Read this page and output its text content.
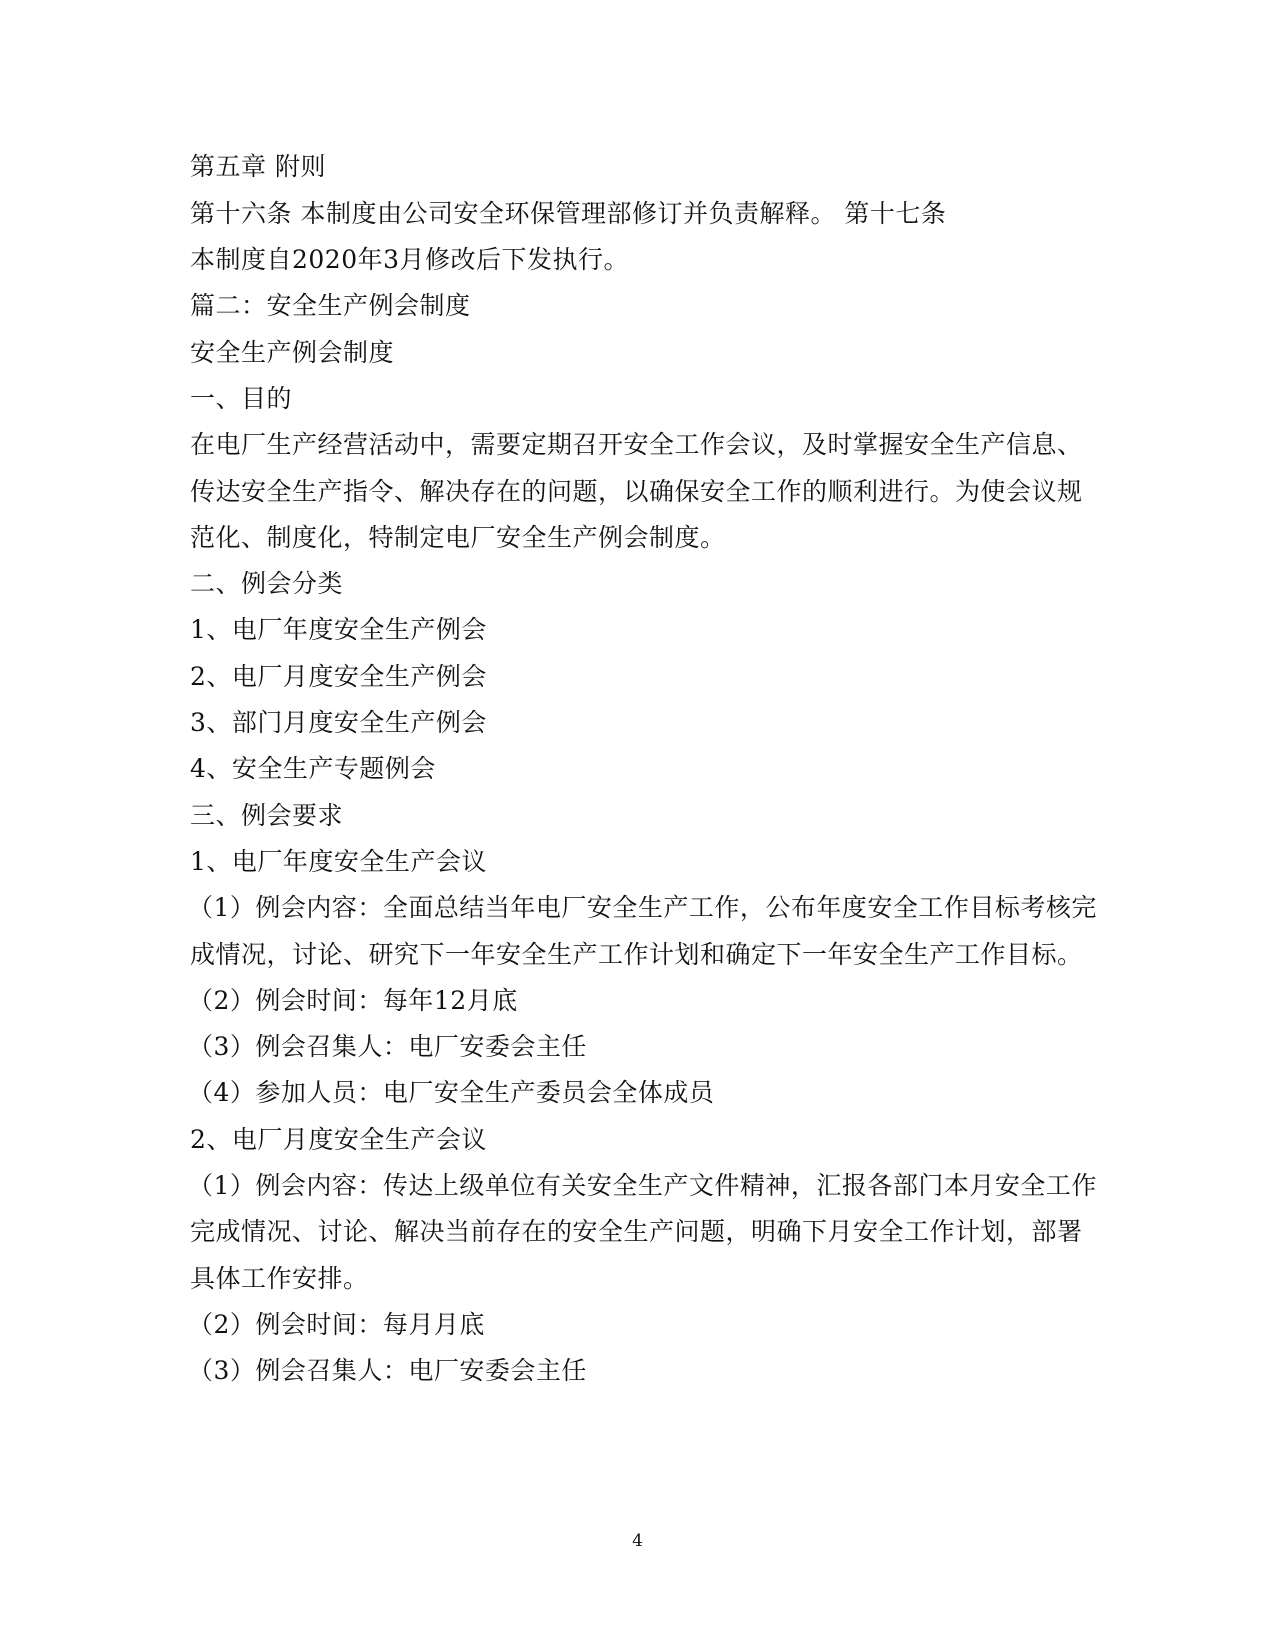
第五章 附则
第十六条 本制度由公司安全环保管理部修订并负责解释。 第十七条
本制度自2020年3月修改后下发执行。
篇二：安全生产例会制度
安全生产例会制度
一、目的
在电厂生产经营活动中，需要定期召开安全工作会议，及时掌握安全生产信息、
传达安全生产指令、解决存在的问题，以确保安全工作的顺利进行。为使会议规
范化、制度化，特制定电厂安全生产例会制度。
二、例会分类
1、电厂年度安全生产例会
2、电厂月度安全生产例会
3、部门月度安全生产例会
4、安全生产专题例会
三、例会要求
1、电厂年度安全生产会议
（1）例会内容：全面总结当年电厂安全生产工作，公布年度安全工作目标考核完
成情况，讨论、研究下一年安全生产工作计划和确定下一年安全生产工作目标。
（2）例会时间：每年12月底
（3）例会召集人：电厂安委会主任
（4）参加人员：电厂安全生产委员会全体成员
2、电厂月度安全生产会议
（1）例会内容：传达上级单位有关安全生产文件精神，汇报各部门本月安全工作
完成情况、讨论、解决当前存在的安全生产问题，明确下月安全工作计划，部署
具体工作安排。
（2）例会时间：每月月底
（3）例会召集人：电厂安委会主任
4
